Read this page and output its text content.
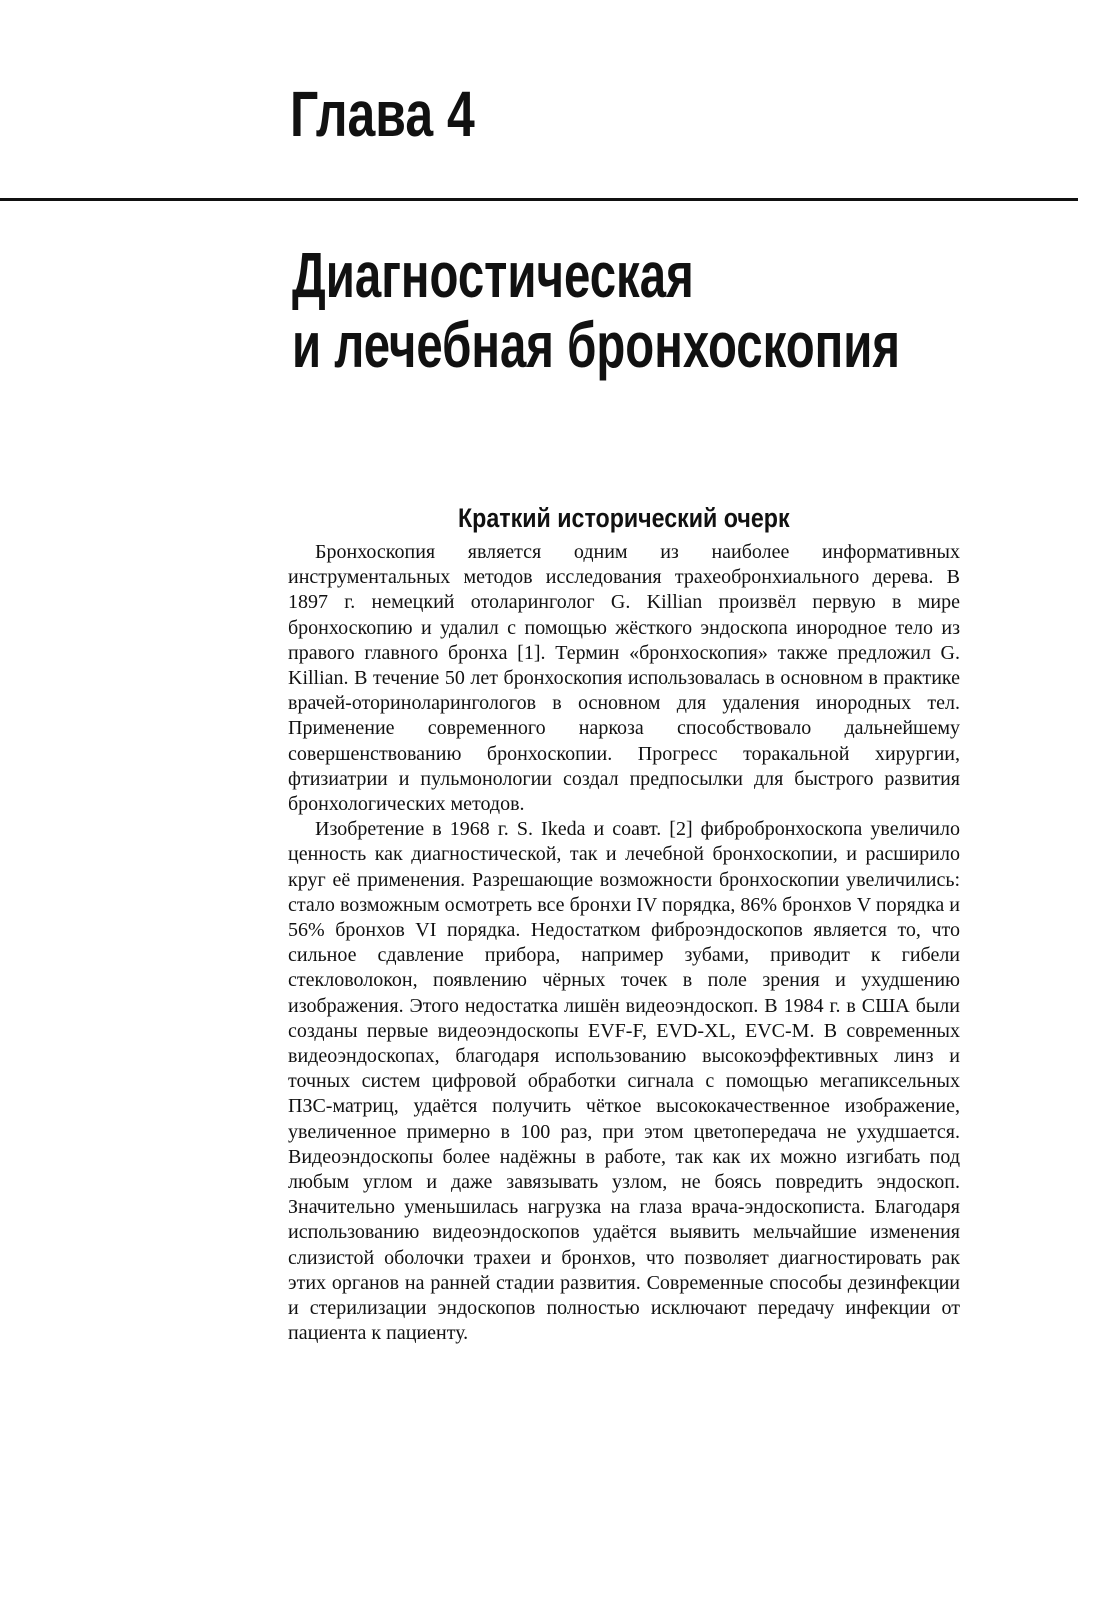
Глава 4
Диагностическая
и лечебная бронхоскопия
Краткий исторический очерк

Бронхоскопия является одним из наиболее информативных инструментальных методов исследования трахеобронхиального дерева. В 1897 г. немецкий отоларинголог G. Killian произвёл первую в мире бронхоскопию и удалил с помощью жёсткого эндоскопа инородное тело из правого главного бронха [1]. Термин «бронхоскопия» также предложил G. Killian. В течение 50 лет бронхоскопия использовалась в основном в практике врачей-оториноларингологов в основном для удаления инородных тел. Применение современного наркоза способствовало дальнейшему совершенствованию бронхоскопии. Прогресс торакальной хирургии, фтизиатрии и пульмонологии создал предпосылки для быстрого развития бронхологических методов.

Изобретение в 1968 г. S. Ikeda и соавт. [2] фибробронхоскопа увеличило ценность как диагностической, так и лечебной бронхоскопии, и расширило круг её применения. Разрешающие возможности бронхоскопии увеличились: стало возможным осмотреть все бронхи IV порядка, 86% бронхов V порядка и 56% бронхов VI порядка. Недостатком фиброэндоскопов является то, что сильное сдавление прибора, например зубами, приводит к гибели стекловолокон, появлению чёрных точек в поле зрения и ухудшению изображения. Этого недостатка лишён видеоэндоскоп. В 1984 г. в США были созданы первые видеоэндоскопы EVF-F, EVD-XL, EVC-M. В современных видеоэндоскопах, благодаря использованию высокоэффективных линз и точных систем цифровой обработки сигнала с помощью мегапиксельных ПЗС-матриц, удаётся получить чёткое высококачественное изображение, увеличенное примерно в 100 раз, при этом цветопередача не ухудшается. Видеоэндоскопы более надёжны в работе, так как их можно изгибать под любым углом и даже завязывать узлом, не боясь повредить эндоскоп. Значительно уменьшилась нагрузка на глаза врача-эндоскописта. Благодаря использованию видеоэндоскопов удаётся выявить мельчайшие изменения слизистой оболочки трахеи и бронхов, что позволяет диагностировать рак этих органов на ранней стадии развития. Современные способы дезинфекции и стерилизации эндоскопов полностью исключают передачу инфекции от пациента к пациенту.
